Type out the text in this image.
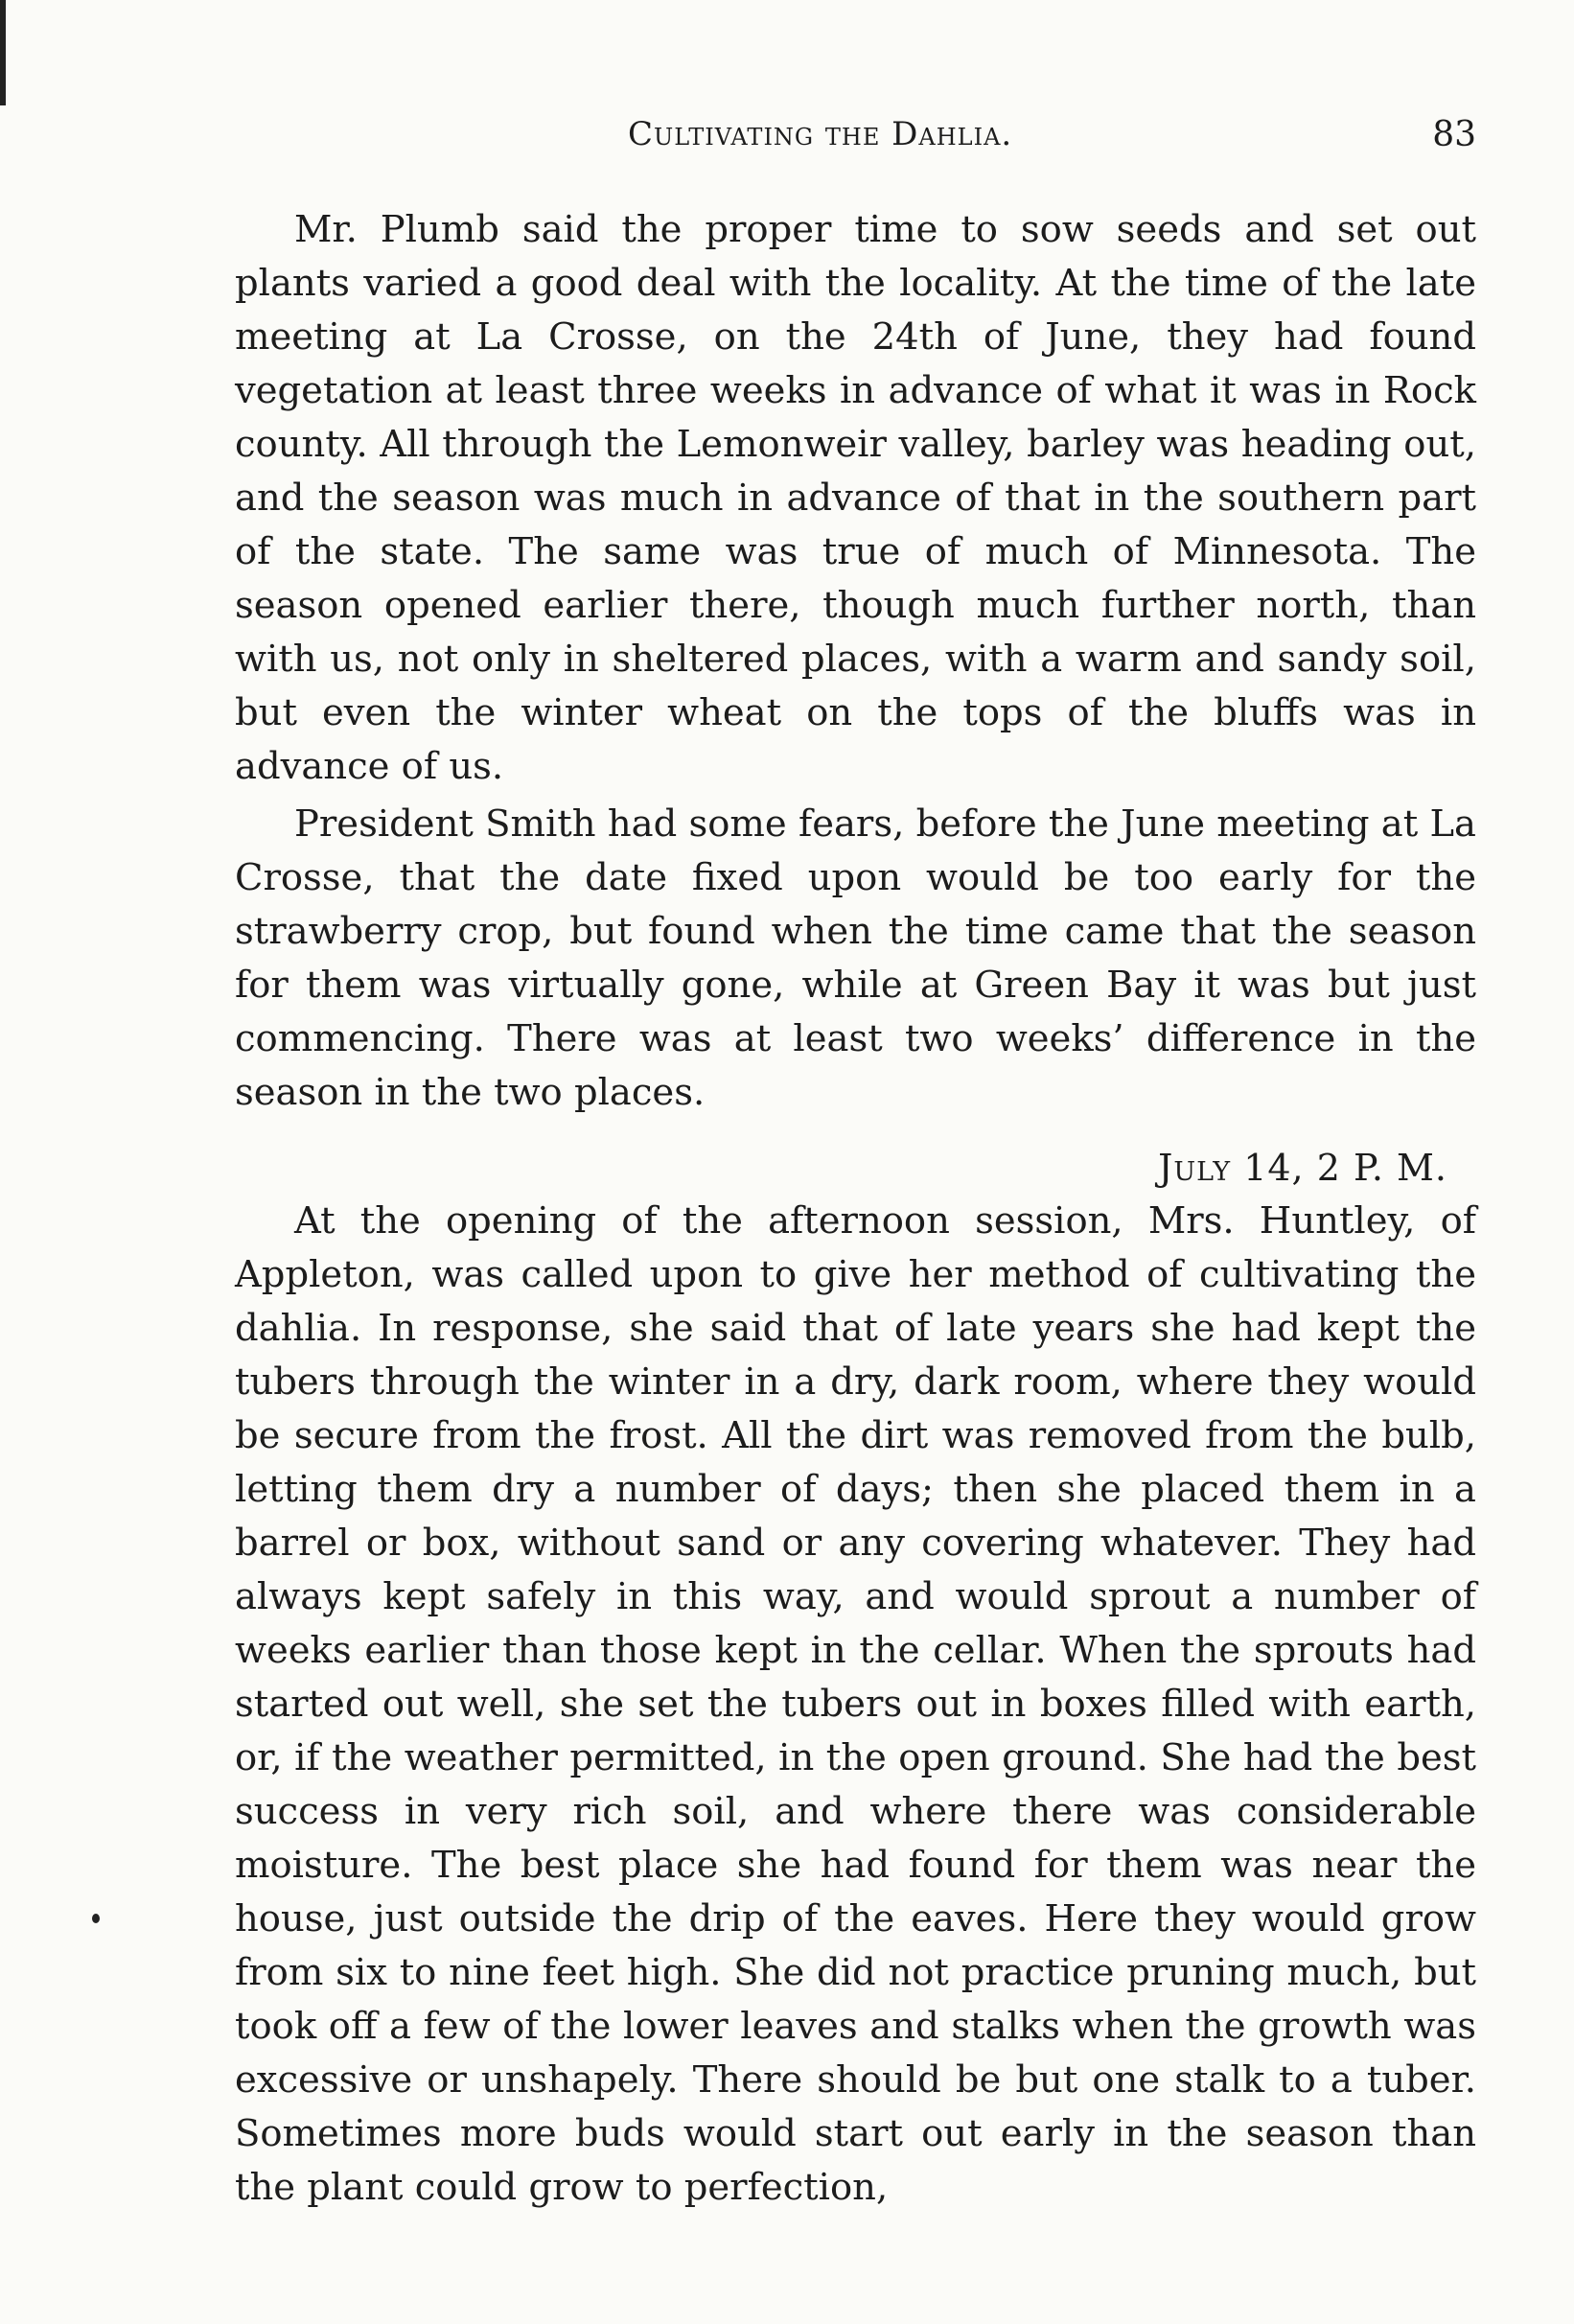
Cultivating the Dahlia.	83

Mr. Plumb said the proper time to sow seeds and set out plants varied a good deal with the locality. At the time of the late meeting at La Crosse, on the 24th of June, they had found vegetation at least three weeks in advance of what it was in Rock county. All through the Lemonweir valley, barley was heading out, and the season was much in advance of that in the southern part of the state. The same was true of much of Minnesota. The season opened earlier there, though much further north, than with us, not only in sheltered places, with a warm and sandy soil, but even the winter wheat on the tops of the bluffs was in advance of us.

President Smith had some fears, before the June meeting at La Crosse, that the date fixed upon would be too early for the strawberry crop, but found when the time came that the season for them was virtually gone, while at Green Bay it was but just commencing. There was at least two weeks’ difference in the season in the two places.

July 14, 2 P. M.

At the opening of the afternoon session, Mrs. Huntley, of Appleton, was called upon to give her method of cultivating the dahlia. In response, she said that of late years she had kept the tubers through the winter in a dry, dark room, where they would be secure from the frost. All the dirt was removed from the bulb, letting them dry a number of days; then she placed them in a barrel or box, without sand or any covering whatever. They had always kept safely in this way, and would sprout a number of weeks earlier than those kept in the cellar. When the sprouts had started out well, she set the tubers out in boxes filled with earth, or, if the weather permitted, in the open ground. She had the best success in very rich soil, and where there was considerable moisture. The best place she had found for them was near the house, just outside the drip of the eaves. Here they would grow from six to nine feet high. She did not practice pruning much, but took off a few of the lower leaves and stalks when the growth was excessive or unshapely. There should be but one stalk to a tuber. Sometimes more buds would start out early in the season than the plant could grow to perfection,
